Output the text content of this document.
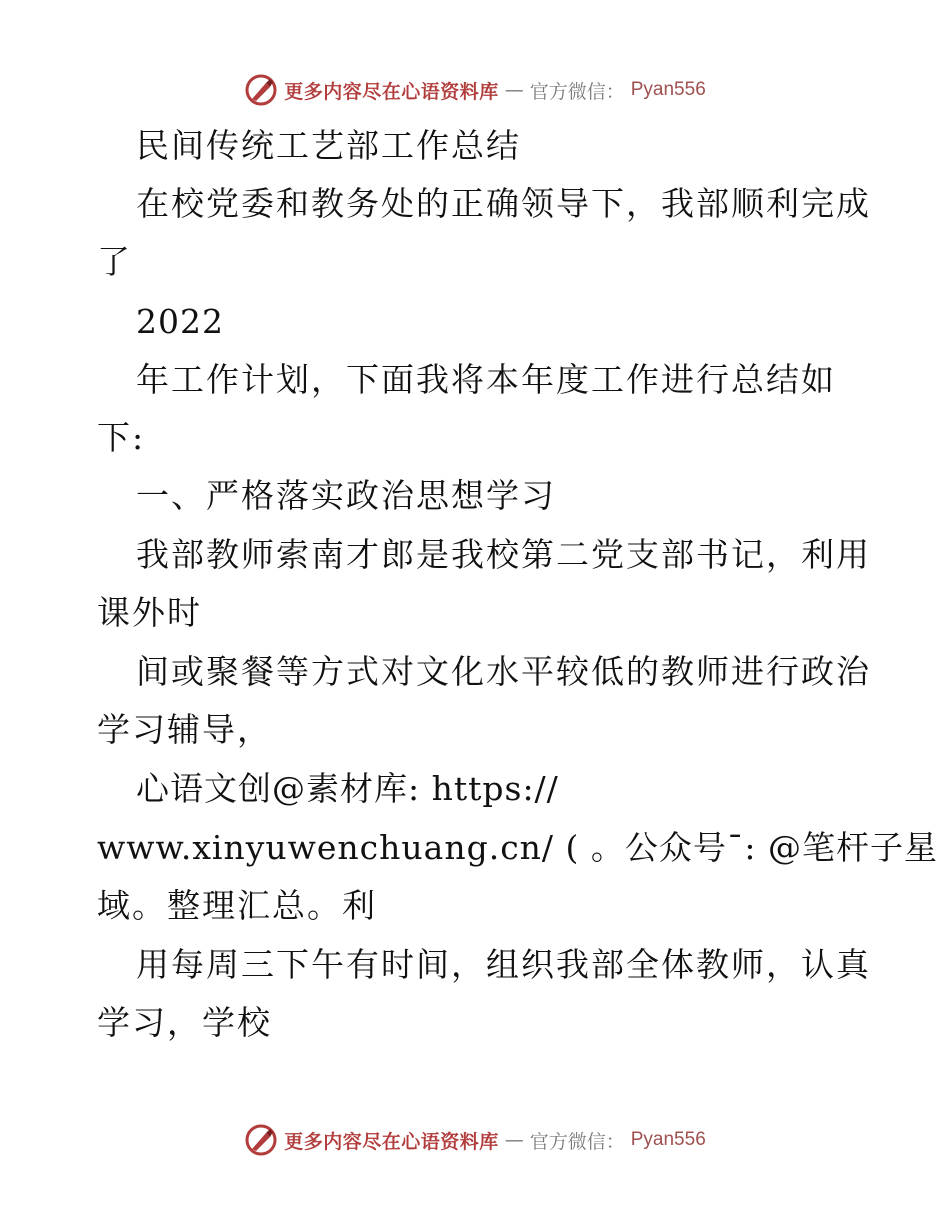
更多内容尽在心语资料库 — 官方微信： Pyan556
民间传统工艺部工作总结
在校党委和教务处的正确领导下，我部顺利完成
了
2022
年工作计划，下面我将本年度工作进行总结如
下:
一、严格落实政治思想学习
我部教师索南才郎是我校第二党支部书记，利用
课外时
间或聚餐等方式对文化水平较低的教师进行政治
学习辅导，
心语文创@素材库: https://
www.xinyuwenchuang.cn/ ( 。公众号¯: @笔杆子星
域。整理汇总。利
用每周三下午有时间，组织我部全体教师，认真
学习，学校
更多内容尽在心语资料库 — 官方微信： Pyan556
